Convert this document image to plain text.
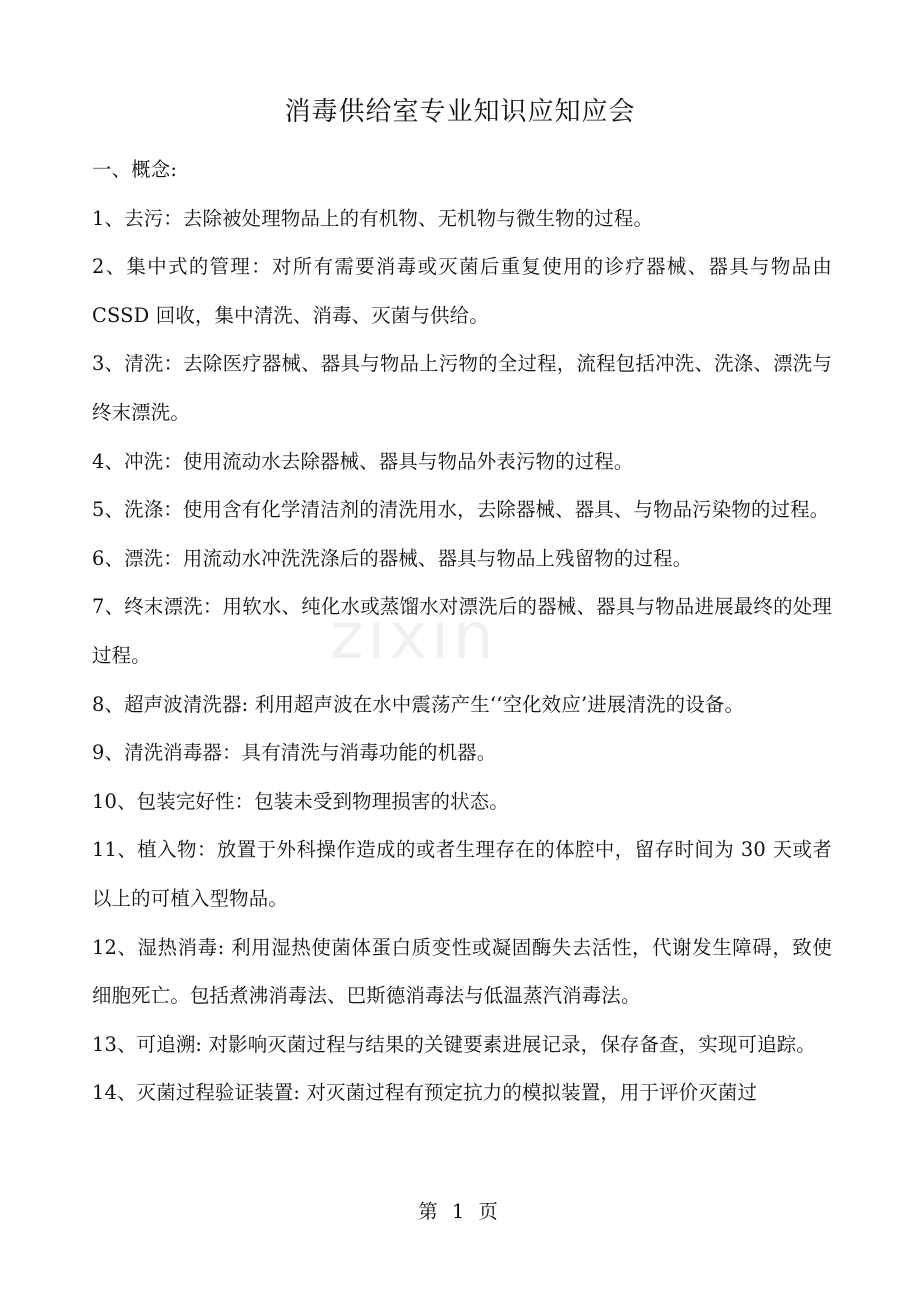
消毒供给室专业知识应知应会
zixin

一、概念:

1、去污：去除被处理物品上的有机物、无机物与微生物的过程。

2、集中式的管理：对所有需要消毒或灭菌后重复使用的诊疗器械、器具与物品由 CSSD 回收，集中清洗、消毒、灭菌与供给。

3、清洗：去除医疗器械、器具与物品上污物的全过程，流程包括冲洗、洗涤、漂洗与终末漂洗。

4、冲洗：使用流动水去除器械、器具与物品外表污物的过程。

5、洗涤：使用含有化学清洁剂的清洗用水，去除器械、器具、与物品污染物的过程。

6、漂洗：用流动水冲洗洗涤后的器械、器具与物品上残留物的过程。

7、终末漂洗：用软水、纯化水或蒸馏水对漂洗后的器械、器具与物品进展最终的处理过程。

8、超声波清洗器: 利用超声波在水中震荡产生‘‘空化效应’进展清洗的设备。

9、清洗消毒器：具有清洗与消毒功能的机器。

10、包装完好性：包装未受到物理损害的状态。

11、植入物：放置于外科操作造成的或者生理存在的体腔中，留存时间为 30 天或者以上的可植入型物品。

12、湿热消毒: 利用湿热使菌体蛋白质变性或凝固酶失去活性，代谢发生障碍，致使细胞死亡。包括煮沸消毒法、巴斯德消毒法与低温蒸汽消毒法。

13、可追溯: 对影响灭菌过程与结果的关键要素进展记录，保存备查，实现可追踪。

14、灭菌过程验证装置: 对灭菌过程有预定抗力的模拟装置，用于评价灭菌过

第 1 页
